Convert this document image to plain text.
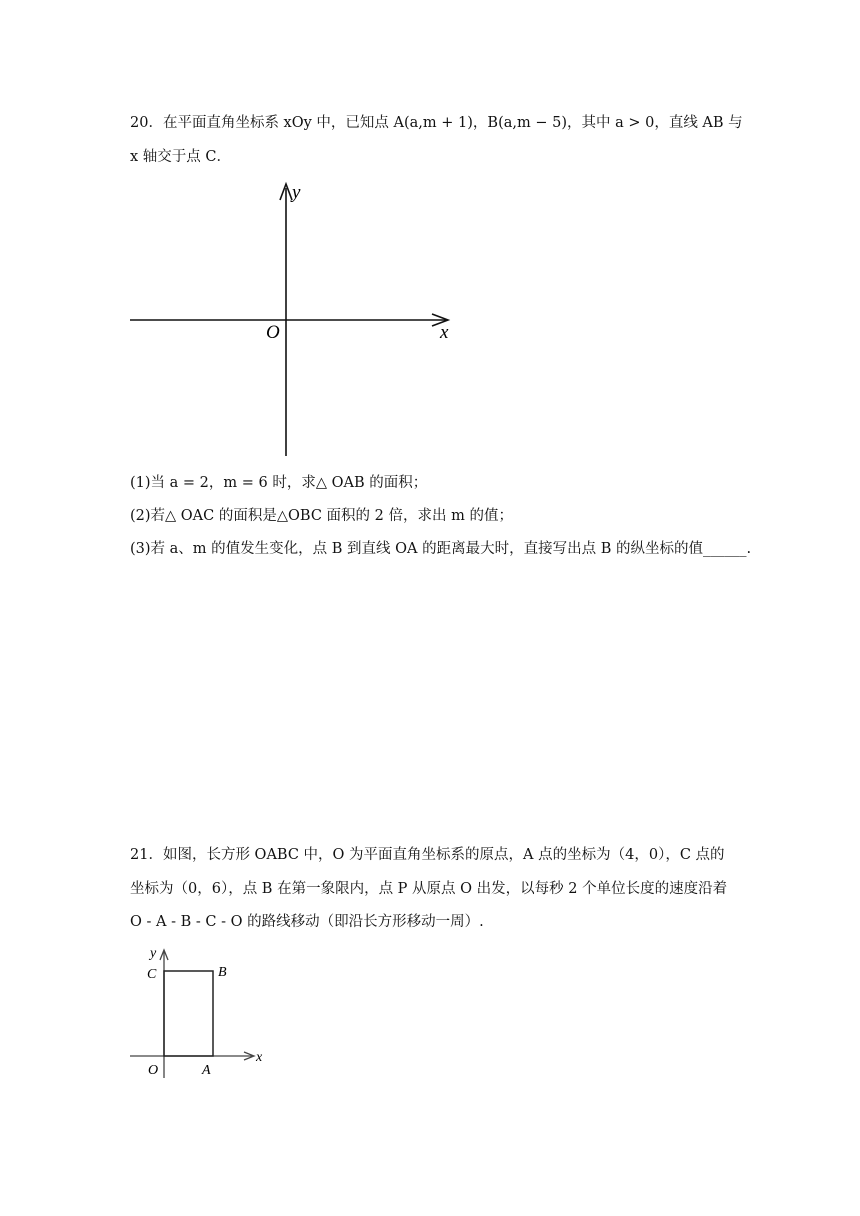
20．在平面直角坐标系 xOy 中，已知点 A(a,m + 1)，B(a,m − 5)，其中 a > 0，直线 AB 与
x 轴交于点 C．
y
x
O
(1)当 a = 2，m = 6 时，求△ OAB 的面积；
(2)若△ OAC 的面积是△OBC 面积的 2 倍，求出 m 的值；
(3)若 a、m 的值发生变化，点 B 到直线 OA 的距离最大时，直接写出点 B 的纵坐标的值______.
21．如图，长方形 OABC 中，O 为平面直角坐标系的原点，A 点的坐标为（4，0），C 点的
坐标为（0，6），点 B 在第一象限内，点 P 从原点 O 出发，以每秒 2 个单位长度的速度沿着
O ‑ A ‑ B ‑ C ‑ O 的路线移动（即沿长方形移动一周）.
y
x
C	B
O	A
